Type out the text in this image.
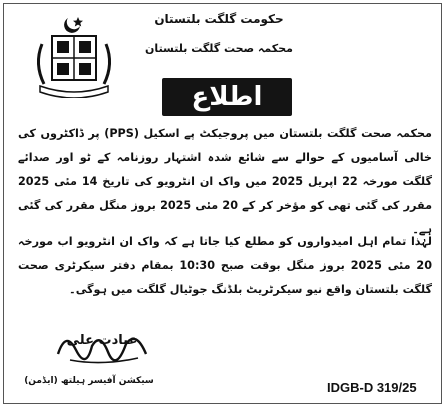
حکومت گلگت بلتستان
محکمہ صحت گلگت بلتستان
اطلاع
محکمہ صحت گلگت بلتستان میں پروجیکٹ پے اسکیل (PPS) پر ڈاکٹروں کی خالی آسامیوں کے حوالے سے شائع شدہ اشتہار روزنامہ کے ٹو اور صدائے گلگت مورخہ 22 اپریل 2025 میں واک ان انٹرویو کی تاریخ 14 مئی 2025 مقرر کی گئی تھی کو مؤخر کر کے 20 مئی 2025 بروز منگل مقرر کی گئی ہے۔
لہٰذا تمام اہل امیدواروں کو مطلع کیا جاتا ہے کہ واک ان انٹرویو اب مورخہ 20 مئی 2025 بروز منگل بوقت صبح 10:30 بمقام دفتر سیکرٹری صحت گلگت بلتستان واقع نیو سیکرٹریٹ بلڈنگ جوٹیال گلگت میں ہوگی۔
عبادت علی
سیکشن آفیسر ہیلتھ (ایڈمن)	IDGB-D 319/25
